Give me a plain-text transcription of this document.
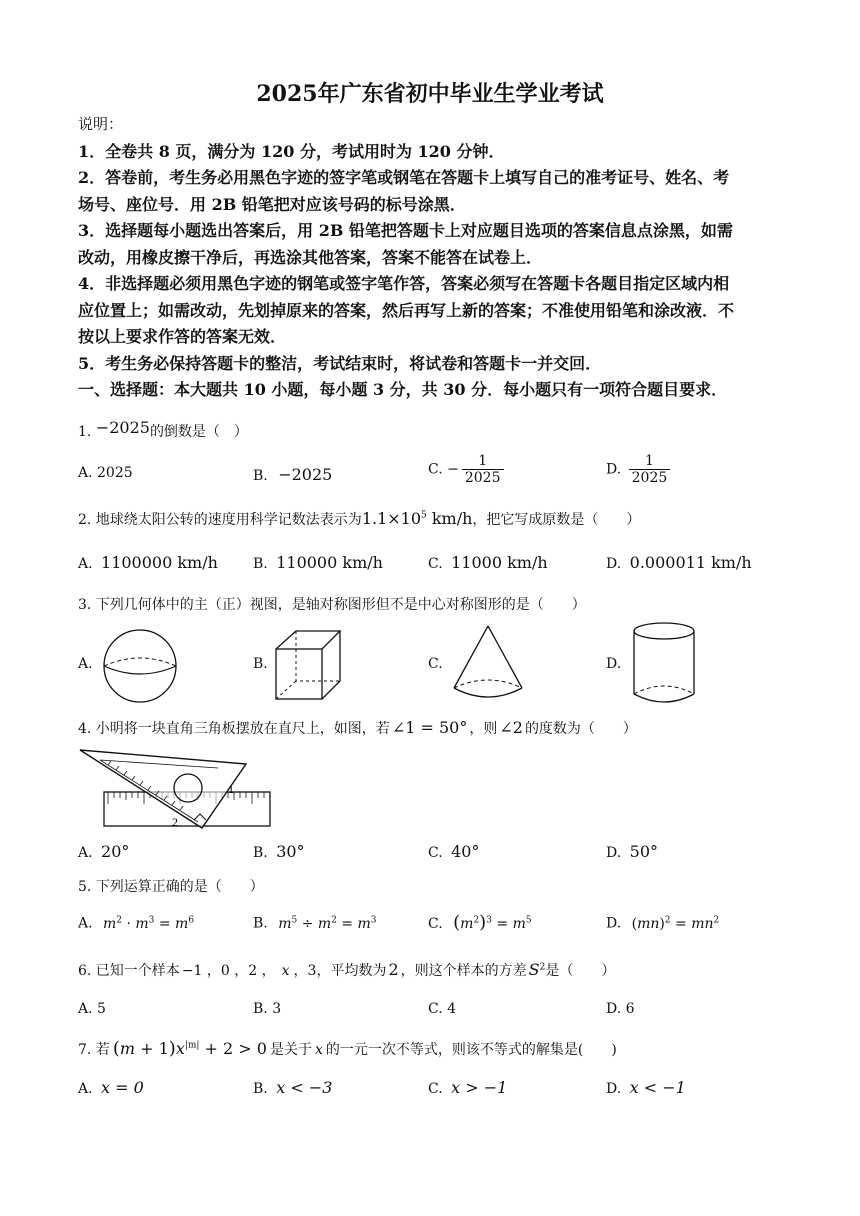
2025年广东省初中毕业生学业考试
说明：
1．全卷共 8 页，满分为 120 分，考试用时为 120 分钟．
2．答卷前，考生务必用黑色字迹的签字笔或钢笔在答题卡上填写自己的准考证号、姓名、考
场号、座位号．用 2B 铅笔把对应该号码的标号涂黑．
3．选择题每小题选出答案后，用 2B 铅笔把答题卡上对应题目选项的答案信息点涂黑，如需
改动，用橡皮擦干净后，再选涂其他答案，答案不能答在试卷上．
4．非选择题必须用黑色字迹的钢笔或签字笔作答，答案必须写在答题卡各题目指定区域内相
应位置上；如需改动，先划掉原来的答案，然后再写上新的答案；不准使用铅笔和涂改液．不
按以上要求作答的答案无效．
5．考生务必保持答题卡的整洁，考试结束时，将试卷和答题卡一并交回．
一、选择题：本大题共 10 小题，每小题 3 分，共 30 分．每小题只有一项符合题目要求．
1. −2025的倒数是（　）
A. 2025	B. −2025	C. − $\frac{1}{2025}$	D. $\frac{1}{2025}$
2. 地球绕太阳公转的速度用科学记数法表示为$1.1\times 10^5$ km/h，把它写成原数是（　　）
A. 1100000 km/h	B. 110000 km/h	C. 11000 km/h	D. 0.000011 km/h
3. 下列几何体中的主（正）视图，是轴对称图形但不是中心对称图形的是（　　）
A.	B.	C.	D.
4. 小明将一块直角三角板摆放在直尺上，如图，若 ∠1 = 50° ，则 ∠2 的度数为（　　）
1
2
A. 20°	B. 30°	C. 40°	D. 50°
5. 下列运算正确的是（　　）
A. $m^2 \cdot m^3 = m^6$	B. $m^5 \div m^2 = m^3$	C. $(m^2)^3 = m^5$	D. $(mn)^2 = mn^2$
6. 已知一个样本 −1 ，0 ，2 ， x ，3，平均数为 2 ，则这个样本的方差 $S^2$是（　　）
A. 5	B. 3	C. 4	D. 6
7. 若 $(m + 1)x^{|m|} + 2 > 0$ 是关于 x 的一元一次不等式，则该不等式的解集是(　　)
A. x = 0	B. x < −3	C. x > −1	D. x < −1
